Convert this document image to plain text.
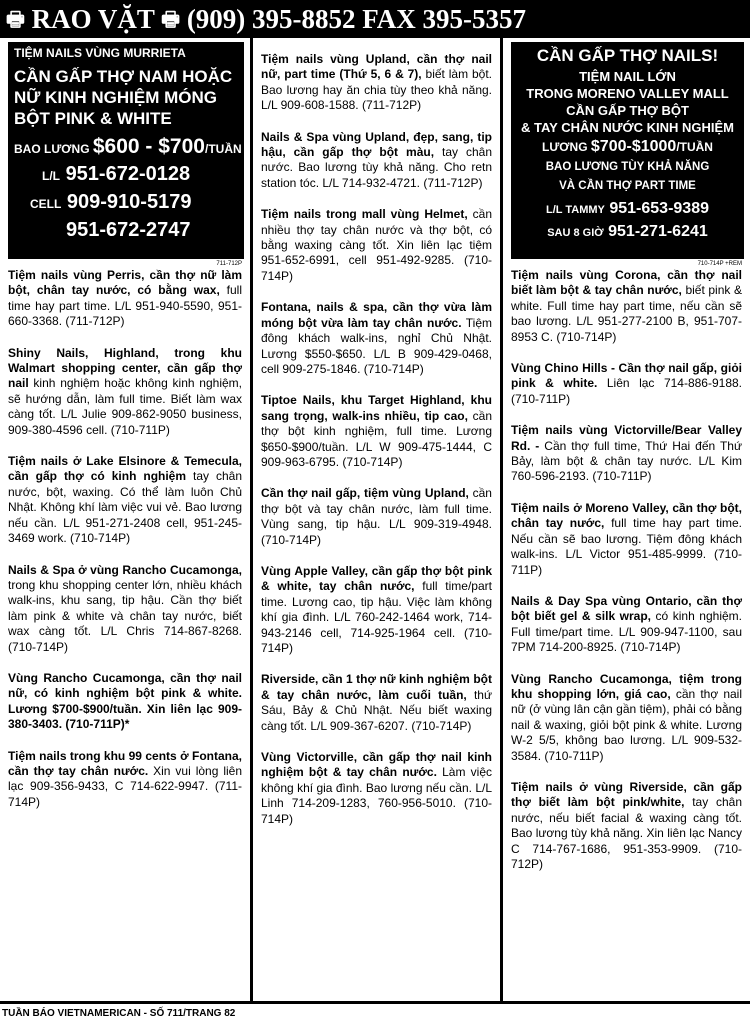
🖶 RAO VẶT 🖶 (909) 395-8852 FAX 395-5357
TIỆM NAILS VÙNG MURRIETA
CẦN GẤP THỢ NAM HOẶC NỮ KINH NGHIỆM MÓNG BỘT PINK & WHITE
BAO LƯƠNG $600 - $700/TUẦN
L/L 951-672-0128
CELL 909-910-5179
951-672-2747
711-712P

Tiệm nails vùng Perris, cần thợ nữ làm bột, chân tay nước, có bằng wax, full time hay part time. L/L 951-940-5590, 951-660-3368. (711-712P)

Shiny Nails, Highland, trong khu Walmart shopping center, cần gấp thợ nail kinh nghiệm hoặc không kinh nghiệm, sẽ hướng dẫn, làm full time. Biết làm wax càng tốt. L/L Julie 909-862-9050 business, 909-380-4596 cell. (710-711P)

Tiệm nails ở Lake Elsinore & Temecula, cần gấp thợ có kinh nghiệm tay chân nước, bột, waxing. Có thể làm luôn Chủ Nhật. Không khí làm việc vui vẻ. Bao lương nếu cần. L/L 951-271-2408 cell, 951-245-3469 work. (710-714P)

Nails & Spa ở vùng Rancho Cucamonga, trong khu shopping center lớn, nhiều khách walk-ins, khu sang, tip hậu. Cần thợ biết làm pink & white và chân tay nước, biết wax càng tốt. L/L Chris 714-867-8268. (710-714P)

Vùng Rancho Cucamonga, cần thợ nail nữ, có kinh nghiệm bột pink & white. Lương $700-$900/tuần. Xin liên lạc 909-380-3403. (710-711P)*

Tiệm nails trong khu 99 cents ở Fontana, cần thợ tay chân nước. Xin vui lòng liên lạc 909-356-9433, C 714-622-9947. (711-714P)

Tiệm nails vùng Upland, cần thợ nail nữ, part time (Thứ 5, 6 & 7), biết làm bột. Bao lương hay ăn chia tùy theo khả năng. L/L 909-608-1588. (711-712P)

Nails & Spa vùng Upland, đẹp, sang, tip hậu, cần gấp thợ bột màu, tay chân nước. Bao lương tùy khả năng. Cho retn station tóc. L/L 714-932-4721. (711-712P)

Tiệm nails trong mall vùng Helmet, cần nhiều thợ tay chân nước và thợ bột, có bằng waxing càng tốt. Xin liên lạc tiệm 951-652-6991, cell 951-492-9285. (710-714P)

Fontana, nails & spa, cần thợ vừa làm móng bột vừa làm tay chân nước. Tiệm đông khách walk-ins, nghỉ Chủ Nhật. Lương $550-$650. L/L B 909-429-0468, cell 909-275-1846. (710-714P)

Tiptoe Nails, khu Target Highland, khu sang trọng, walk-ins nhiều, tip cao, cần thợ bột kinh nghiệm, full time. Lương $650-$900/tuần. L/L W 909-475-1444, C 909-963-6795. (710-714P)

Cần thợ nail gấp, tiệm vùng Upland, cần thợ bột và tay chân nước, làm full time. Vùng sang, tip hậu. L/L 909-319-4948. (710-714P)

Vùng Apple Valley, cần gấp thợ bột pink & white, tay chân nước, full time/part time. Lương cao, tip hậu. Việc làm không khí gia đình. L/L 760-242-1464 work, 714-943-2146 cell, 714-925-1964 cell. (710-714P)

Riverside, cần 1 thợ nữ kinh nghiệm bột & tay chân nước, làm cuối tuần, thứ Sáu, Bảy & Chủ Nhật. Nếu biết waxing càng tốt. L/L 909-367-6207. (710-714P)

Vùng Victorville, cần gấp thợ nail kinh nghiệm bột & tay chân nước. Làm việc không khí gia đình. Bao lương nếu cần. L/L Linh 714-209-1283, 760-956-5010. (710-714P)

CẦN GẤP THỢ NAILS!
TIỆM NAIL LỚN
TRONG MORENO VALLEY MALL
CẦN GẤP THỢ BỘT
& TAY CHÂN NƯỚC KINH NGHIỆM
LƯƠNG $700-$1000/TUẦN
BAO LƯƠNG TÙY KHẢ NĂNG
VÀ CẦN THỢ PART TIME
L/L TAMMY 951-653-9389
SAU 8 GIỜ 951-271-6241
710-714P +REM

Tiệm nails vùng Corona, cần thợ nail biết làm bột & tay chân nước, biết pink & white. Full time hay part time, nếu cần sẽ bao lương. L/L 951-277-2100 B, 951-707-8953 C. (710-714P)

Vùng Chino Hills - Cần thợ nail gấp, giỏi pink & white. Liên lạc 714-886-9188. (710-711P)

Tiệm nails vùng Victorville/Bear Valley Rd. - Cần thợ full time, Thứ Hai đến Thứ Bảy, làm bột & chân tay nước. L/L Kim 760-596-2193. (710-711P)

Tiệm nails ở Moreno Valley, cần thợ bột, chân tay nước, full time hay part time. Nếu cần sẽ bao lương. Tiệm đông khách walk-ins. L/L Victor 951-485-9999. (710-711P)

Nails & Day Spa vùng Ontario, cần thợ bột biết gel & silk wrap, có kinh nghiệm. Full time/part time. L/L 909-947-1100, sau 7PM 714-200-8925. (710-714P)

Vùng Rancho Cucamonga, tiệm trong khu shopping lớn, giá cao, cần thợ nail nữ (ở vùng lân cận gần tiệm), phải có bằng nail & waxing, giỏi bột pink & white. Lương W-2 5/5, không bao lương. L/L 909-532-3584. (710-711P)

Tiệm nails ở vùng Riverside, cần gấp thợ biết làm bột pink/white, tay chân nước, nếu biết facial & waxing càng tốt. Bao lương tùy khả năng. Xin liên lạc Nancy C 714-767-1686, 951-353-9909. (710-712P)

TUẦN BÁO VIETNAMERICAN - SỐ 711/TRANG 82
